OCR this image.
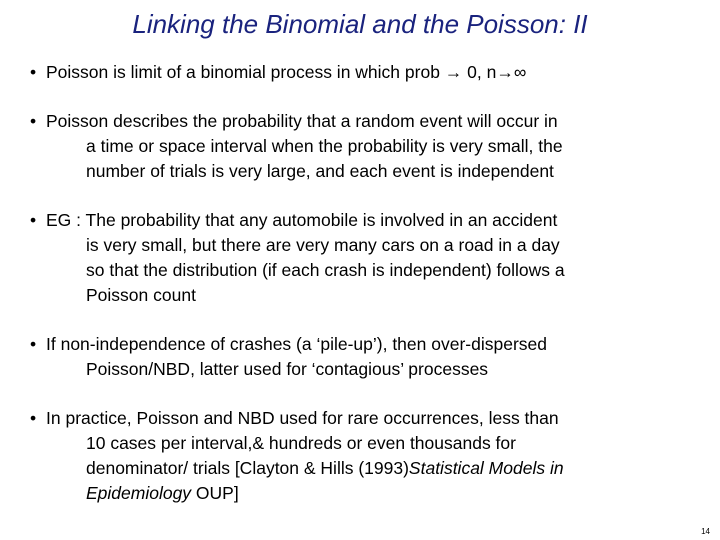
Linking the Binomial and the Poisson: II
• Poisson is limit of a binomial process in which prob → 0, n→∞
• Poisson describes the probability that a random event will occur in
a time or space interval when the probability is very small, the
number of trials is very large, and each event is independent
• EG : The probability that any automobile is involved in an accident
is very small, but there are very many cars on a road in a day
so that the distribution (if each crash is independent) follows a
Poisson count
• If non-independence of crashes (a ‘pile-up’), then over-dispersed
Poisson/NBD, latter used for ‘contagious’ processes
• In practice, Poisson and NBD used for rare occurrences, less than
10 cases per interval,& hundreds or even thousands for
denominator/ trials [Clayton & Hills (1993)Statistical Models in
Epidemiology OUP]
14
